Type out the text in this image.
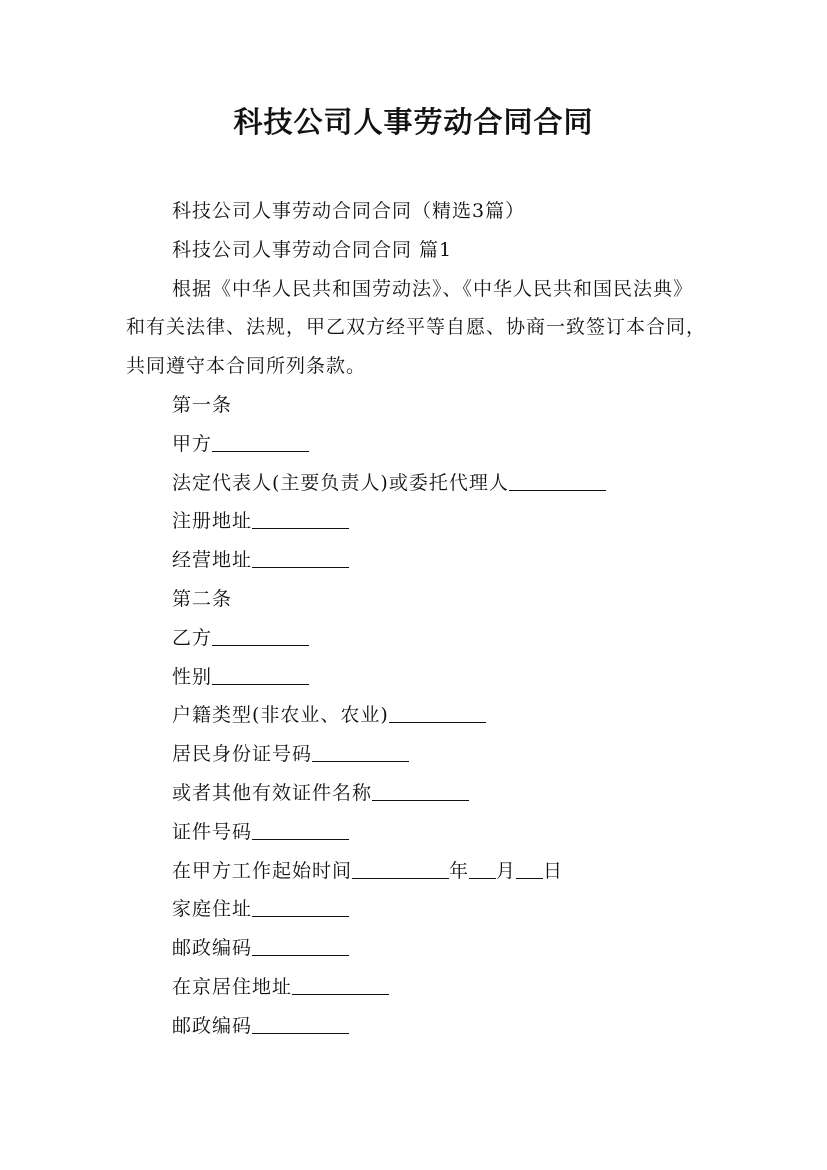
科技公司人事劳动合同合同

科技公司人事劳动合同合同（精选3篇）

科技公司人事劳动合同合同 篇1

根据《中华人民共和国劳动法》、《中华人民共和国民法典》和有关法律、法规，甲乙双方经平等自愿、协商一致签订本合同，共同遵守本合同所列条款。

第一条

甲方

法定代表人(主要负责人)或委托代理人

注册地址

经营地址

第二条

乙方

性别

户籍类型(非农业、农业)

居民身份证号码

或者其他有效证件名称

证件号码

在甲方工作起始时间	年 月 日

家庭住址

邮政编码

在京居住地址

邮政编码
